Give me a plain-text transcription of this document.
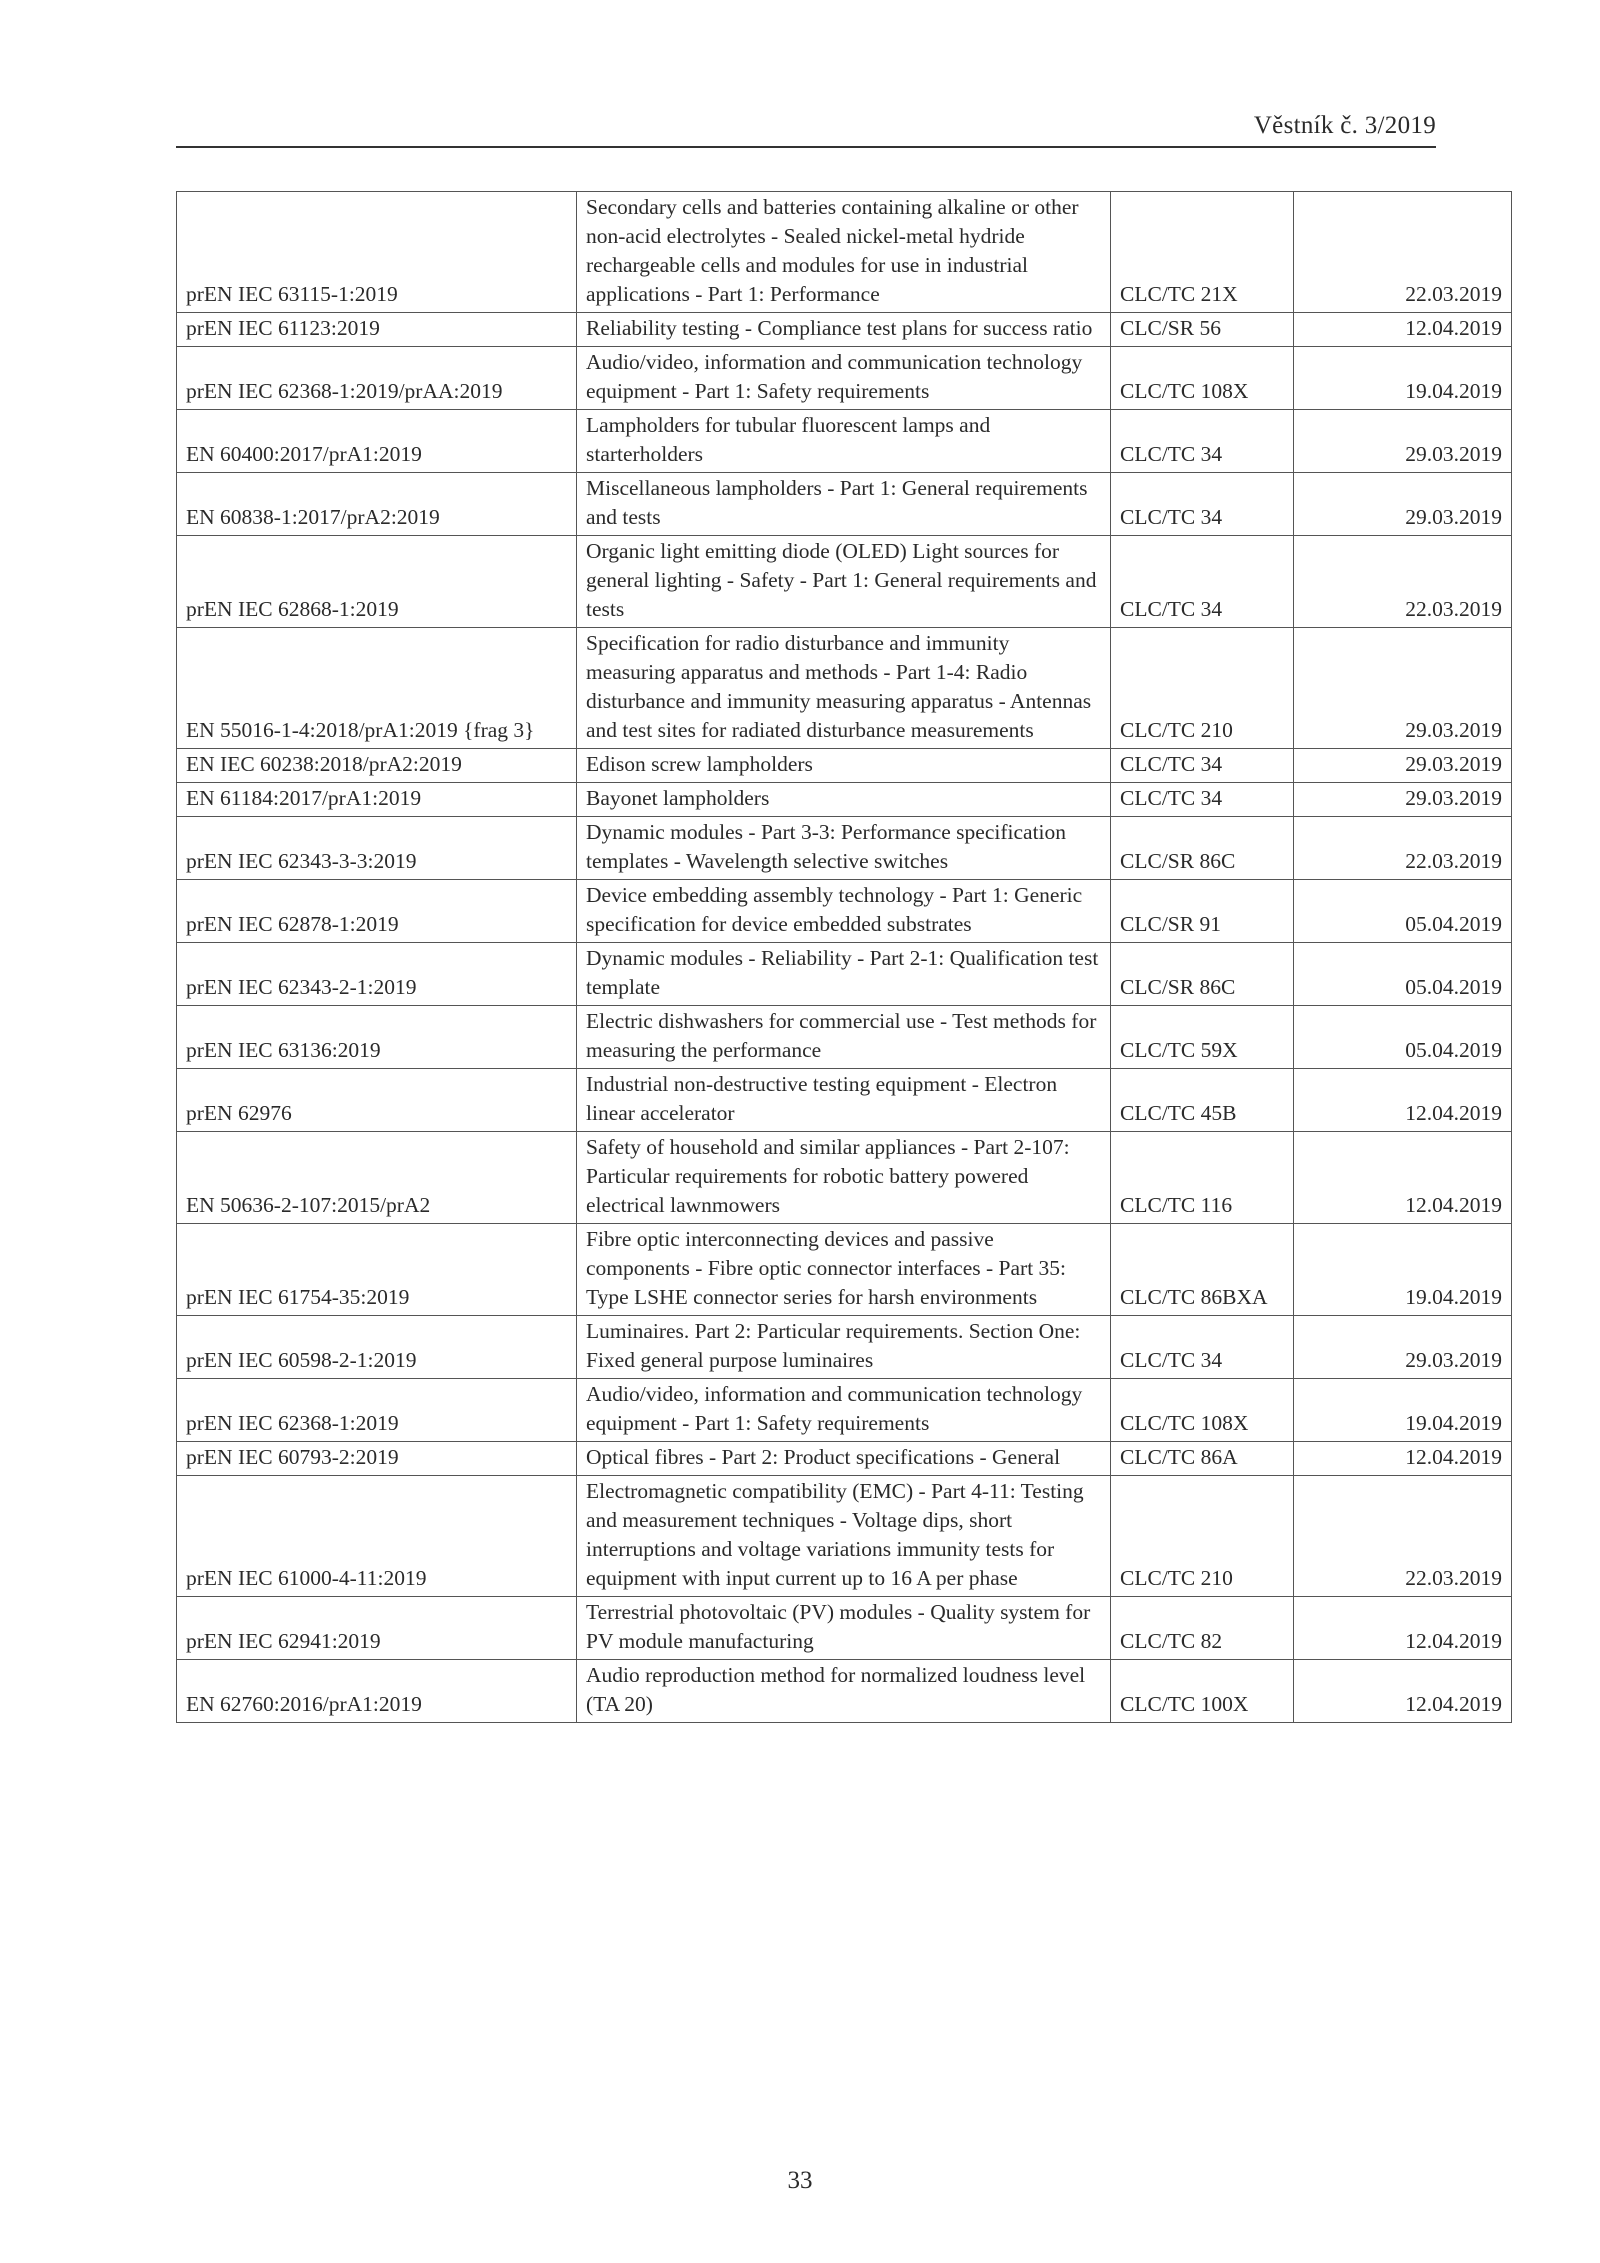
Věstník č. 3/2019
prEN IEC 63115-1:2019	Secondary cells and batteries containing alkaline or other non-acid electrolytes - Sealed nickel-metal hydride rechargeable cells and modules for use in industrial applications - Part 1: Performance	CLC/TC 21X	22.03.2019
prEN IEC 61123:2019	Reliability testing - Compliance test plans for success ratio	CLC/SR 56	12.04.2019
prEN IEC 62368-1:2019/prAA:2019	Audio/video, information and communication technology equipment - Part 1: Safety requirements	CLC/TC 108X	19.04.2019
EN 60400:2017/prA1:2019	Lampholders for tubular fluorescent lamps and starterholders	CLC/TC 34	29.03.2019
EN 60838-1:2017/prA2:2019	Miscellaneous lampholders - Part 1: General requirements and tests	CLC/TC 34	29.03.2019
prEN IEC 62868-1:2019	Organic light emitting diode (OLED) Light sources for general lighting - Safety - Part 1: General requirements and tests	CLC/TC 34	22.03.2019
EN 55016-1-4:2018/prA1:2019 {frag 3}	Specification for radio disturbance and immunity measuring apparatus and methods - Part 1-4: Radio disturbance and immunity measuring apparatus - Antennas and test sites for radiated disturbance measurements	CLC/TC 210	29.03.2019
EN IEC 60238:2018/prA2:2019	Edison screw lampholders	CLC/TC 34	29.03.2019
EN 61184:2017/prA1:2019	Bayonet lampholders	CLC/TC 34	29.03.2019
prEN IEC 62343-3-3:2019	Dynamic modules - Part 3-3: Performance specification templates - Wavelength selective switches	CLC/SR 86C	22.03.2019
prEN IEC 62878-1:2019	Device embedding assembly technology - Part 1: Generic specification for device embedded substrates	CLC/SR 91	05.04.2019
prEN IEC 62343-2-1:2019	Dynamic modules - Reliability - Part 2-1: Qualification test template	CLC/SR 86C	05.04.2019
prEN IEC 63136:2019	Electric dishwashers for commercial use - Test methods for measuring the performance	CLC/TC 59X	05.04.2019
prEN 62976	Industrial non-destructive testing equipment - Electron linear accelerator	CLC/TC 45B	12.04.2019
EN 50636-2-107:2015/prA2	Safety of household and similar appliances - Part 2-107: Particular requirements for robotic battery powered electrical lawnmowers	CLC/TC 116	12.04.2019
prEN IEC 61754-35:2019	Fibre optic interconnecting devices and passive components - Fibre optic connector interfaces - Part 35: Type LSHE connector series for harsh environments	CLC/TC 86BXA	19.04.2019
prEN IEC 60598-2-1:2019	Luminaires. Part 2: Particular requirements. Section One: Fixed general purpose luminaires	CLC/TC 34	29.03.2019
prEN IEC 62368-1:2019	Audio/video, information and communication technology equipment - Part 1: Safety requirements	CLC/TC 108X	19.04.2019
prEN IEC 60793-2:2019	Optical fibres - Part 2: Product specifications - General	CLC/TC 86A	12.04.2019
prEN IEC 61000-4-11:2019	Electromagnetic compatibility (EMC) - Part 4-11: Testing and measurement techniques - Voltage dips, short interruptions and voltage variations immunity tests for equipment with input current up to 16 A per phase	CLC/TC 210	22.03.2019
prEN IEC 62941:2019	Terrestrial photovoltaic (PV) modules - Quality system for PV module manufacturing	CLC/TC 82	12.04.2019
EN 62760:2016/prA1:2019	Audio reproduction method for normalized loudness level (TA 20)	CLC/TC 100X	12.04.2019
33
